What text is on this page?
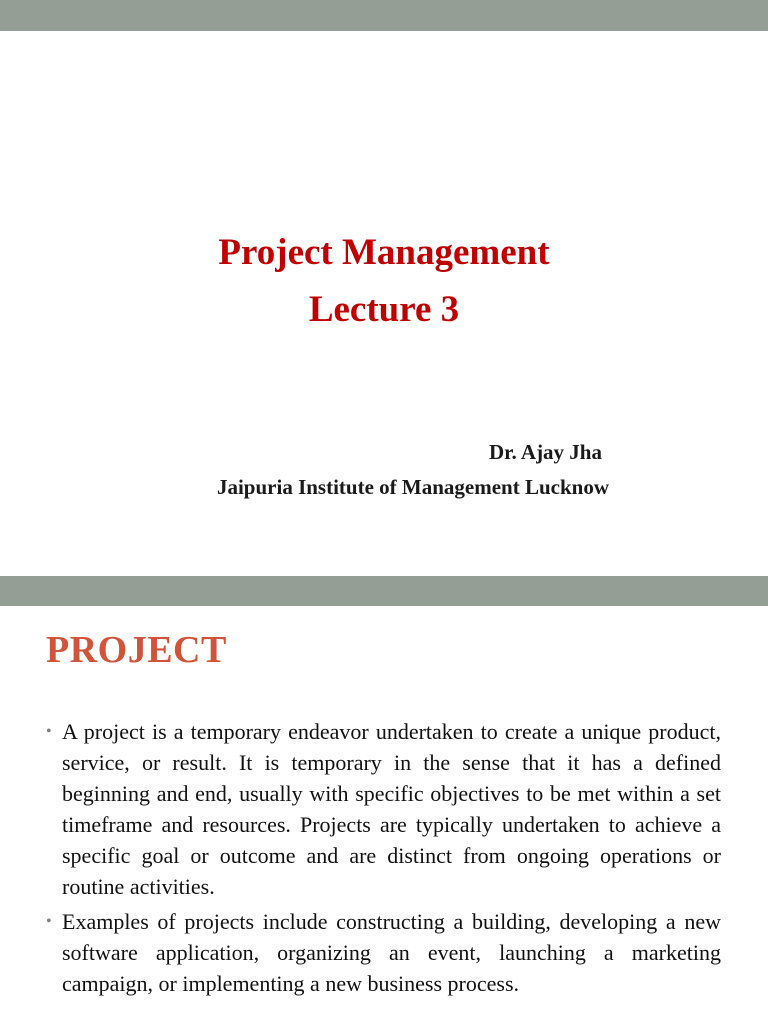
Project Management
Lecture 3
Dr. Ajay Jha
Jaipuria Institute of Management Lucknow
PROJECT
• A project is a temporary endeavor undertaken to create a unique product, service, or result. It is temporary in the sense that it has a defined beginning and end, usually with specific objectives to be met within a set timeframe and resources. Projects are typically undertaken to achieve a specific goal or outcome and are distinct from ongoing operations or routine activities.
• Examples of projects include constructing a building, developing a new software application, organizing an event, launching a marketing campaign, or implementing a new business process.
